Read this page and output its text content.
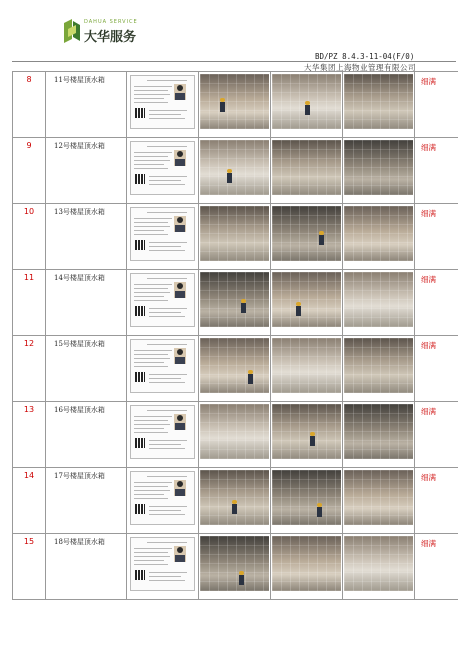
DAHUA SERVICE
大华服务
BD/PZ 8.4.3-11-04(F/0)
大华集团上海物业管理有限公司
8	11号楼屋顶水箱					细满
9	12号楼屋顶水箱					细满
10	13号楼屋顶水箱					细满
11	14号楼屋顶水箱					细满
12	15号楼屋顶水箱					细满
13	16号楼屋顶水箱					细满
14	17号楼屋顶水箱					细满
15	18号楼屋顶水箱					细满
